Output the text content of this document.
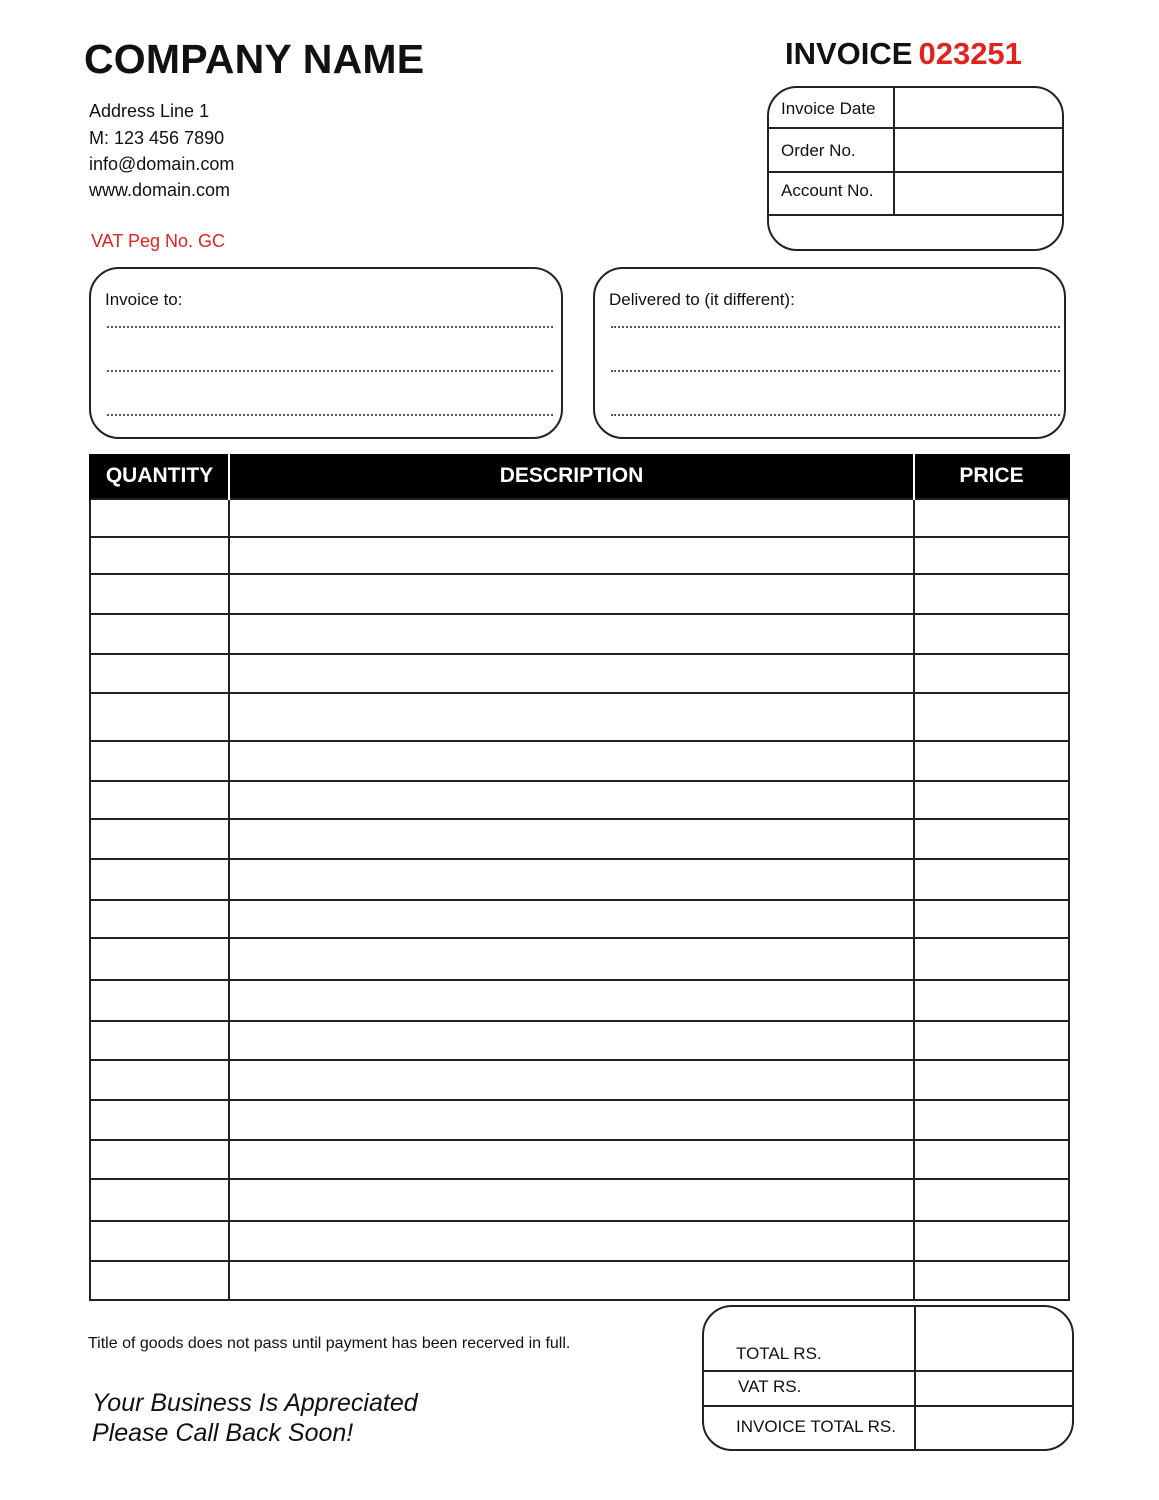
COMPANY NAME
Address Line 1
M: 123 456 7890
info@domain.com
www.domain.com
VAT Peg No. GC
INVOICE 023251
Invoice Date
Order No.
Account No.
Invoice to:	Delivered to (it different):
QUANTITY	DESCRIPTION	PRICE

Title of goods does not pass until payment has been recerved in full.
Your Business Is Appreciated
Please Call Back Soon!
TOTAL RS.
VAT RS.
INVOICE TOTAL RS.
